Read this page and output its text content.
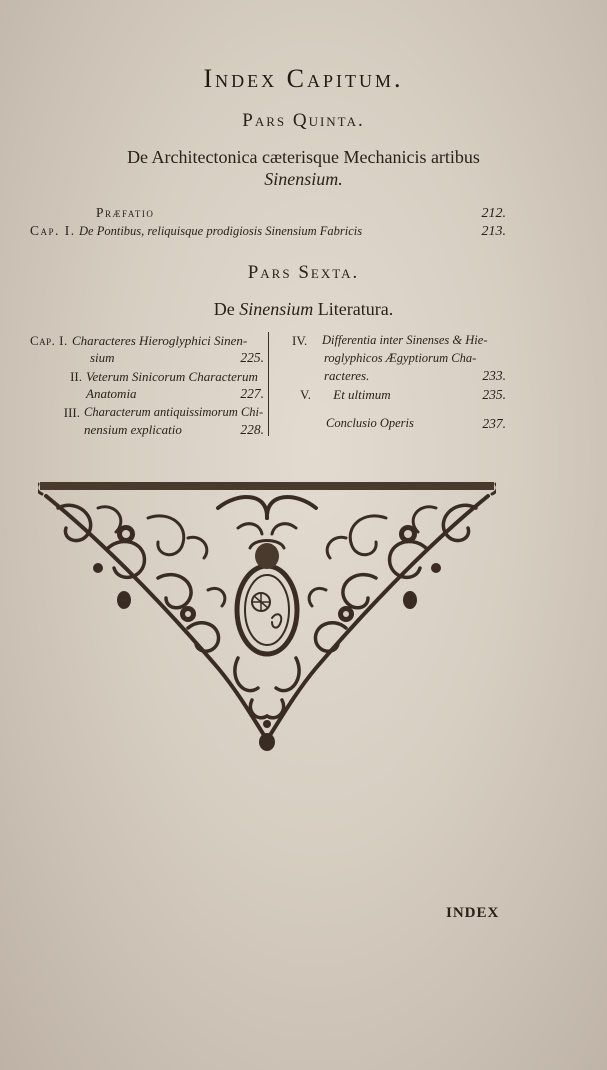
Index Capitum.
Pars Quinta.
De Architectonica cæterisque Mechanicis artibus
Sinensium.
Præfatio	212.
Cap. I. De Pontibus, reliquisque prodigiosis Sinensium Fabricis	213.
Pars Sexta.
De Sinensium Literatura.
Cap. I. Characteres Hieroglyphici Sinen-
sium	225.
II. Veterum Sinicorum Characterum
Anatomia	227.
III. Characterum antiquissimorum Chi-
nensium explicatio	228.
IV.	Differentia inter Sinenses & Hie-
roglyphicos Ægyptiorum Cha-
racteres.	233.
V. Et ultimum	235.
Conclusio Operis	237.
INDEX
